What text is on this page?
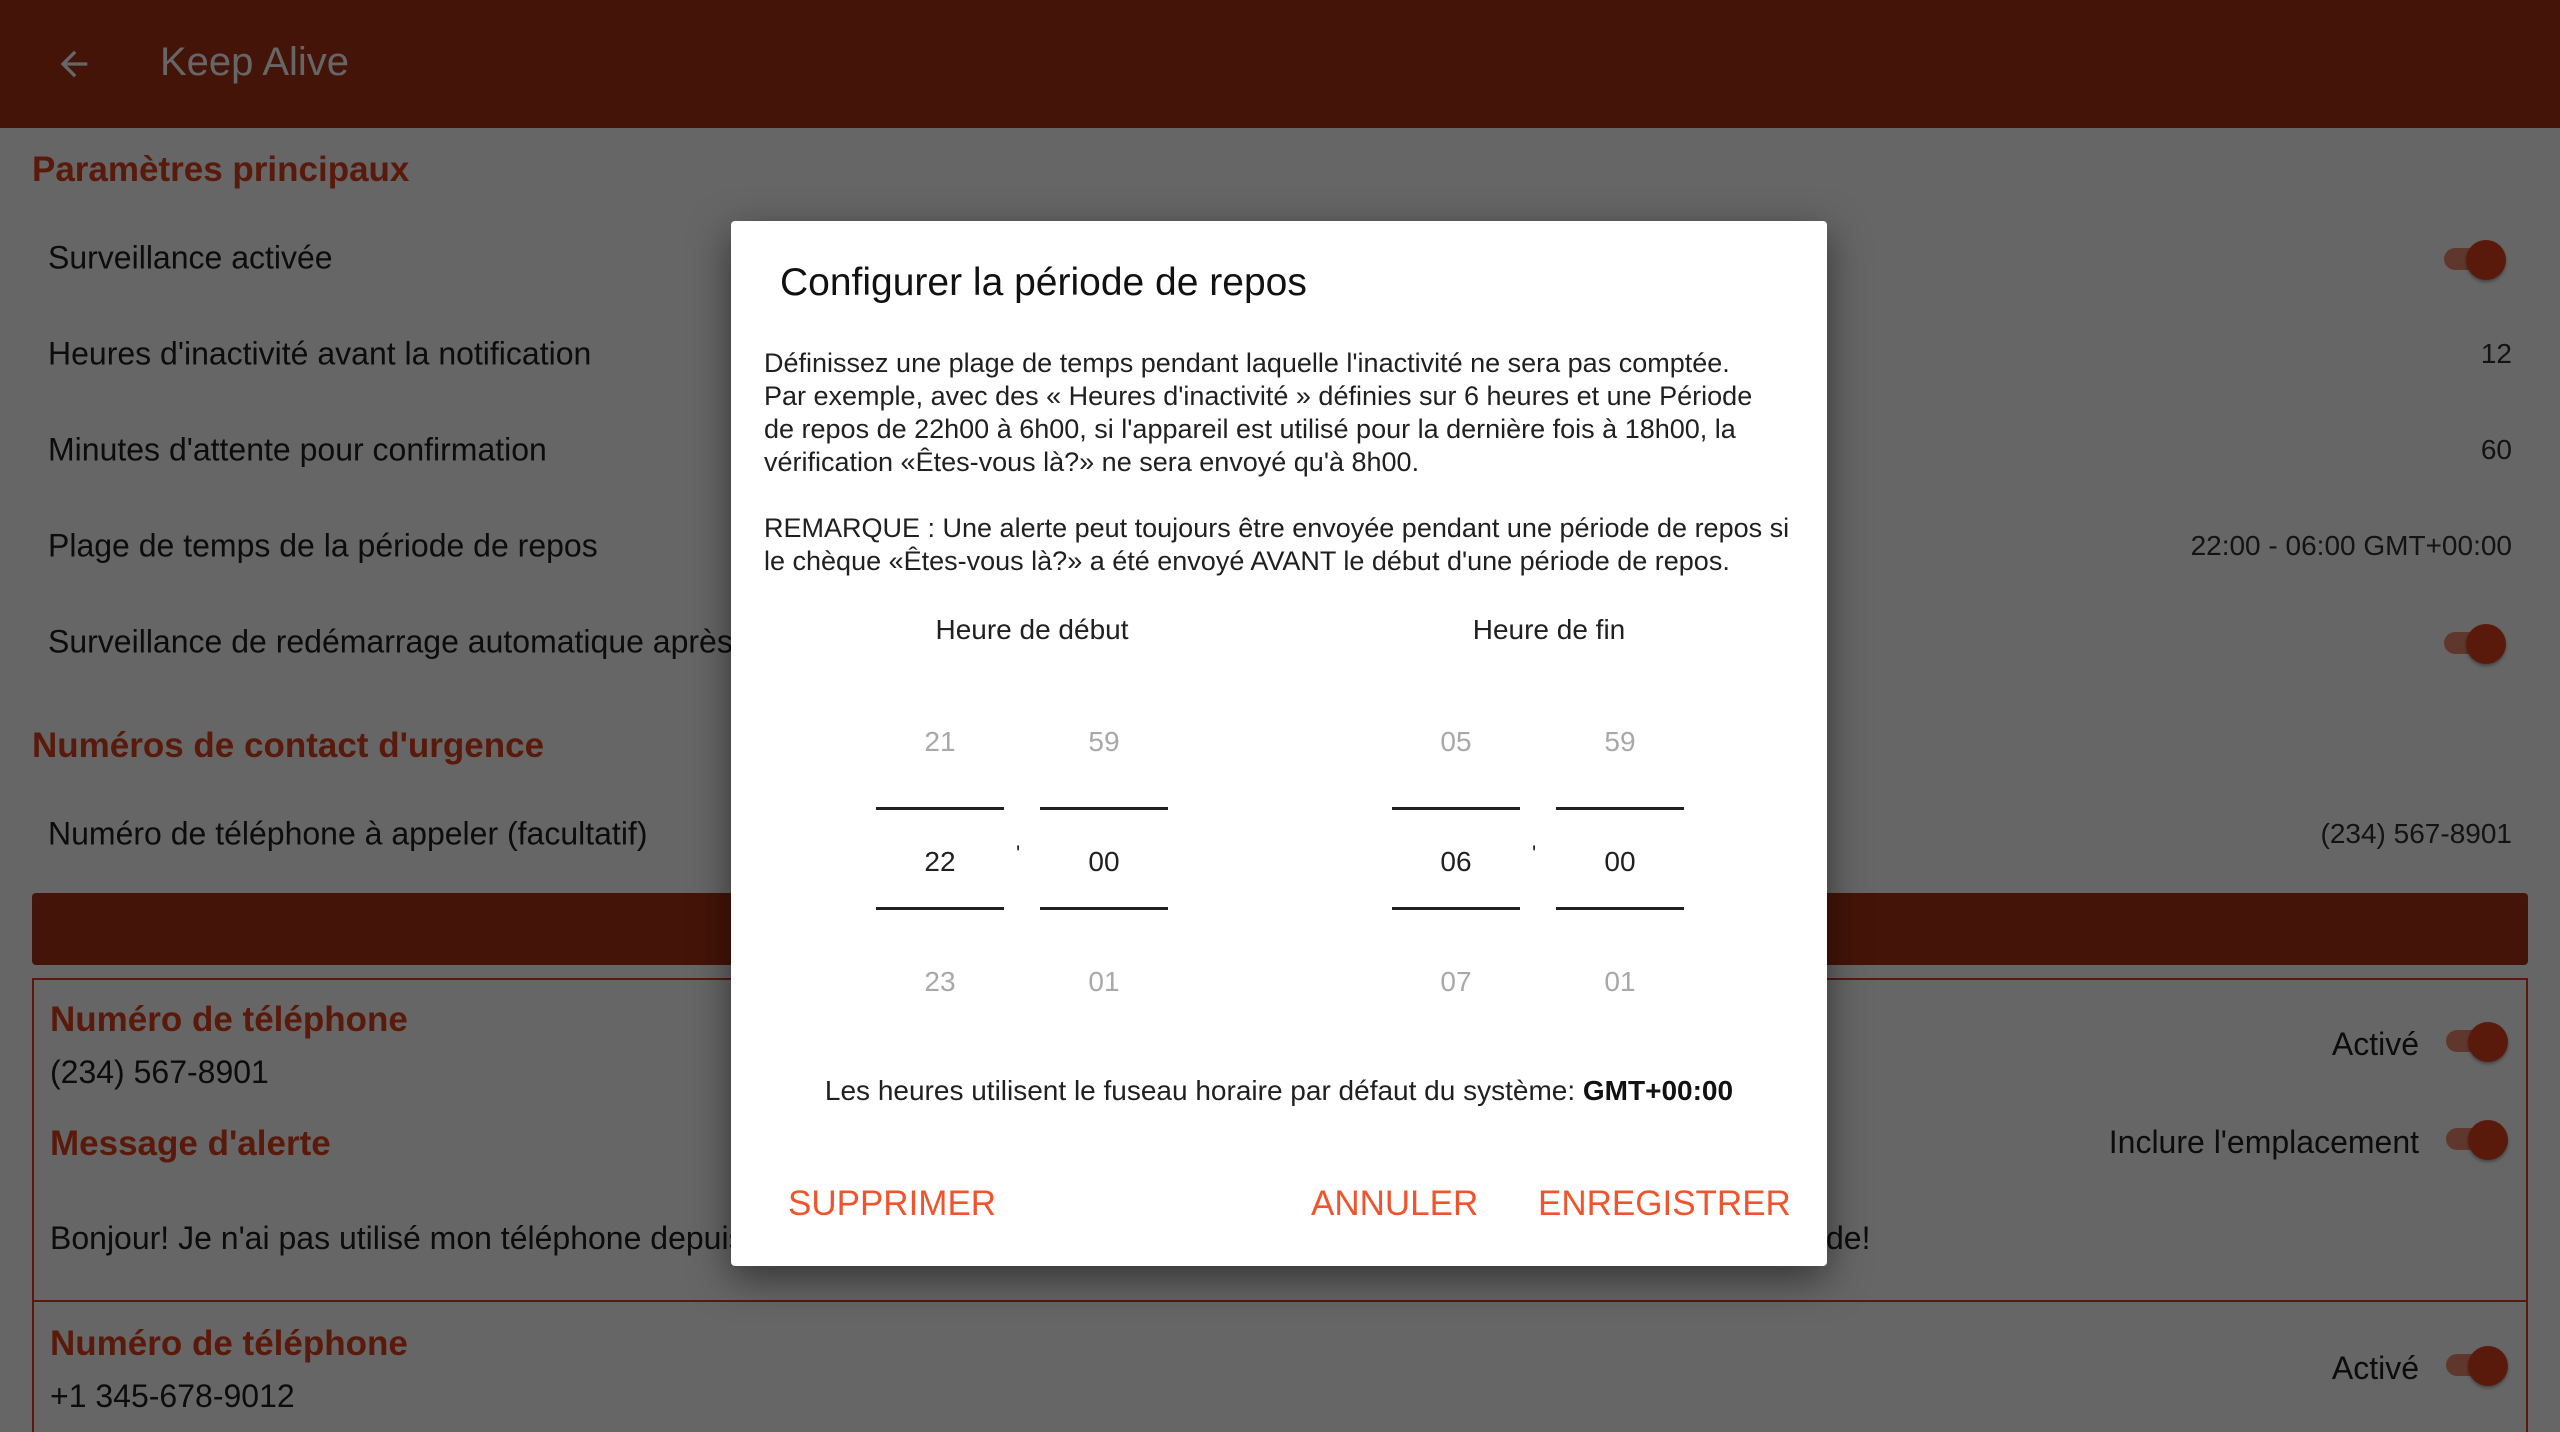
Configurer la période de repos
Définissez une plage de temps pendant laquelle l'inactivité ne sera pas comptée.
Par exemple, avec des « Heures d'inactivité » définies sur 6 heures et une Période
de repos de 22h00 à 6h00, si l'appareil est utilisé pour la dernière fois à 18h00, la
vérification «Êtes-vous là?» ne sera envoyé qu'à 8h00.
REMARQUE : Une alerte peut toujours être envoyée pendant une période de repos si
le chèque «Êtes-vous là?» a été envoyé AVANT le début d'une période de repos.
Heure de début
21	59
22	'	00
23	01
Heure de fin
05	59
06	'	00
07	01
Les heures utilisent le fuseau horaire par défaut du système: GMT+00:00
SUPPRIMER	ANNULER ENREGISTRER
